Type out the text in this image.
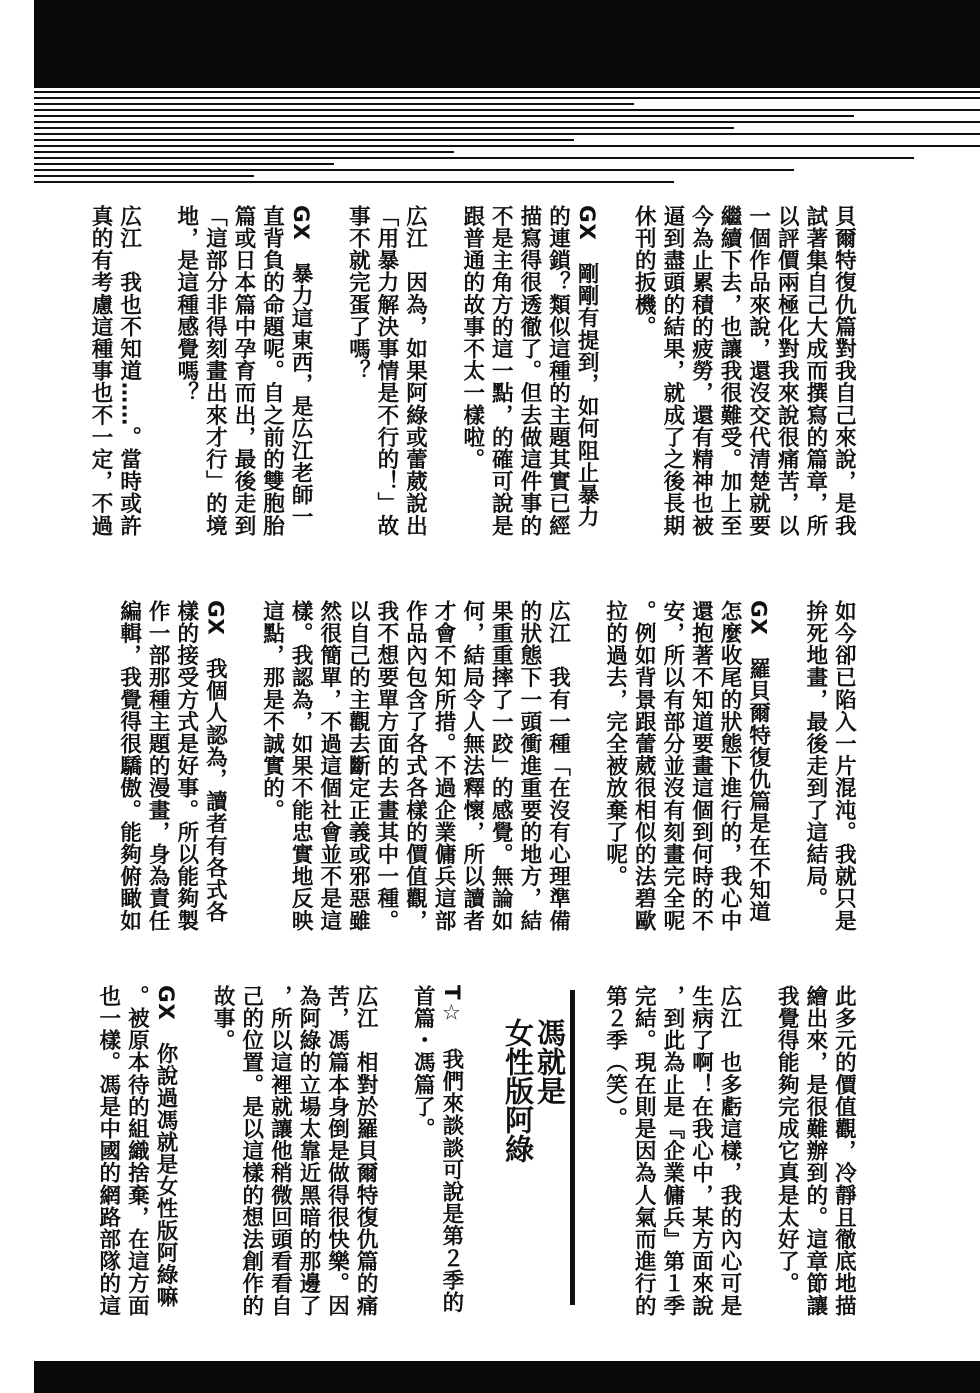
貝爾特復仇篇對我自己來說，是我
試著集自己大成而撰寫的篇章，所
以評價兩極化對我來說很痛苦，以
一個作品來說，還沒交代清楚就要
繼續下去，也讓我很難受。加上至
今為止累積的疲勞，還有精神也被
逼到盡頭的結果，就成了之後長期
休刊的扳機。

GX　剛剛有提到，如何阻止暴力
的連鎖？類似這種的主題其實已經
描寫得很透徹了。但去做這件事的
不是主角方的這一點，的確可說是
跟普通的故事不太一樣啦。

広江　因為，如果阿綠或蕾葳說出
「用暴力解決事情是不行的！」故
事不就完蛋了嗎？

GX　暴力這東西，是広江老師一
直背負的命題呢。自之前的雙胞胎
篇或日本篇中孕育而出，最後走到
「這部分非得刻畫出來才行」的境
地，是這種感覺嗎？

広江　我也不知道……。當時或許
真的有考慮這種事也不一定，不過

如今卻已陷入一片混沌。我就只是
拚死地畫，最後走到了這結局。

GX　羅貝爾特復仇篇是在不知道
怎麼收尾的狀態下進行的，我心中
還抱著不知道要畫這個到何時的不
安，所以有部分並沒有刻畫完全呢
。例如背景跟蕾葳很相似的法碧歐
拉的過去，完全被放棄了呢。

広江　我有一種「在沒有心理準備
的狀態下一頭衝進重要的地方，結
果重重摔了一跤」的感覺。無論如
何，結局令人無法釋懷，所以讀者
才會不知所措。不過企業傭兵這部
作品內包含了各式各樣的價值觀，
我不想要單方面的去畫其中一種。
以自己的主觀去斷定正義或邪惡雖
然很簡單，不過這個社會並不是這
樣。我認為，如果不能忠實地反映
這點，那是不誠實的。

GX　我個人認為，讀者有各式各
樣的接受方式是好事。所以能夠製
作一部那種主題的漫畫，身為責任
編輯，我覺得很驕傲。能夠俯瞰如

此多元的價值觀，冷靜且徹底地描
繪出來，是很難辦到的。這章節讓
我覺得能夠完成它真是太好了。

広江　也多虧這樣，我的內心可是
生病了啊！在我心中，某方面來說
，到此為止是『企業傭兵』第１季
完結。現在則是因為人氣而進行的
第２季（笑）。

T☆　我們來談談可說是第２季的
首篇・馮篇了。

広江　相對於羅貝爾特復仇篇的痛
苦，馮篇本身倒是做得很快樂。因
為阿綠的立場太靠近黑暗的那邊了
，所以這裡就讓他稍微回頭看看自
己的位置。是以這樣的想法創作的
故事。

GX　你說過馮就是女性版阿綠嘛
。被原本待的組織捨棄，在這方面
也一樣。馮是中國的網路部隊的這	馮就是
女性版阿綠
